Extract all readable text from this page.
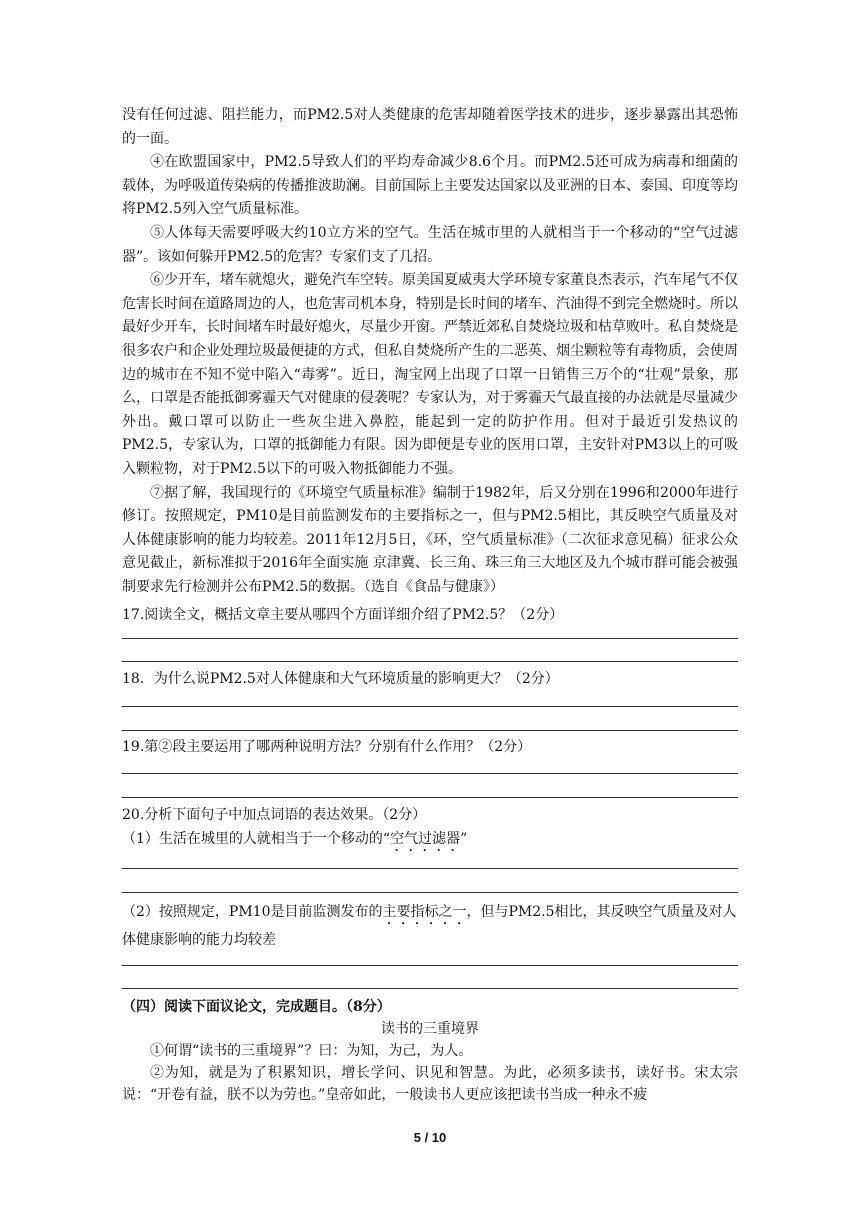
没有任何过滤、阻拦能力，而PM2.5对人类健康的危害却随着医学技术的进步，逐步暴露出其恐怖的一面。

④在欧盟国家中，PM2.5导致人们的平均寿命减少8.6个月。而PM2.5还可成为病毒和细菌的载体，为呼吸道传染病的传播推波助澜。目前国际上主要发达国家以及亚洲的日本、泰国、印度等均将PM2.5列入空气质量标准。

⑤人体每天需要呼吸大约10立方米的空气。生活在城市里的人就相当于一个移动的“空气过滤器”。该如何躲开PM2.5的危害？专家们支了几招。

⑥少开车，堵车就熄火，避免汽车空转。原美国夏威夷大学环境专家董良杰表示，汽车尾气不仅危害长时间在道路周边的人，也危害司机本身，特别是长时间的堵车、汽油得不到完全燃烧时。所以最好少开车，长时间堵车时最好熄火，尽量少开窗。严禁近郊私自焚烧垃圾和枯草败叶。私自焚烧是很多农户和企业处理垃圾最便捷的方式，但私自焚烧所产生的二恶英、烟尘颗粒等有毒物质，会使周边的城市在不知不觉中陷入“毒雾”。近日，淘宝网上出现了口罩一日销售三万个的“壮观”景象，那么，口罩是否能抵御雾霾天气对健康的侵袭呢？专家认为，对于雾霾天气最直接的办法就是尽量减少外出。戴口罩可以防止一些灰尘进入鼻腔，能起到一定的防护作用。但对于最近引发热议的PM2.5，专家认为，口罩的抵御能力有限。因为即便是专业的医用口罩，主安针对PM3以上的可吸入颗粒物，对于PM2.5以下的可吸入物抵御能力不强。

⑦据了解，我国现行的《环境空气质量标准》编制于1982年，后又分别在1996和2000年进行修订。按照规定，PM10是目前监测发布的主要指标之一，但与PM2.5相比，其反映空气质量及对人体健康影响的能力均较差。2011年12月5日，《环，空气质量标准》（二次征求意见稿）征求公众意见截止，新标准拟于2016年全面实施 京津冀、长三角、珠三角三大地区及九个城市群可能会被强制要求先行检测并公布PM2.5的数据。（选自《食品与健康》）

17.阅读全文，概括文章主要从哪四个方面详细介绍了PM2.5？（2分）

18．为什么说PM2.5对人体健康和大气环境质量的影响更大？（2分）

19.第②段主要运用了哪两种说明方法？分别有什么作用？（2分）

20.分析下面句子中加点词语的表达效果。（2分）

（1）生活在城里的人就相当于一个移动的“空气过滤器”

（2）按照规定，PM10是目前监测发布的主要指标之一，但与PM2.5相比，其反映空气质量及对人体健康影响的能力均较差

（四）阅读下面议论文，完成题目。（8分）

读书的三重境界

①何谓“读书的三重境界”？曰：为知，为己，为人。

②为知，就是为了积累知识，增长学问、识见和智慧。为此，必须多读书，读好书。宋太宗说：“开卷有益，朕不以为劳也。”皇帝如此，一般读书人更应该把读书当成一种永不疲

5 / 10
